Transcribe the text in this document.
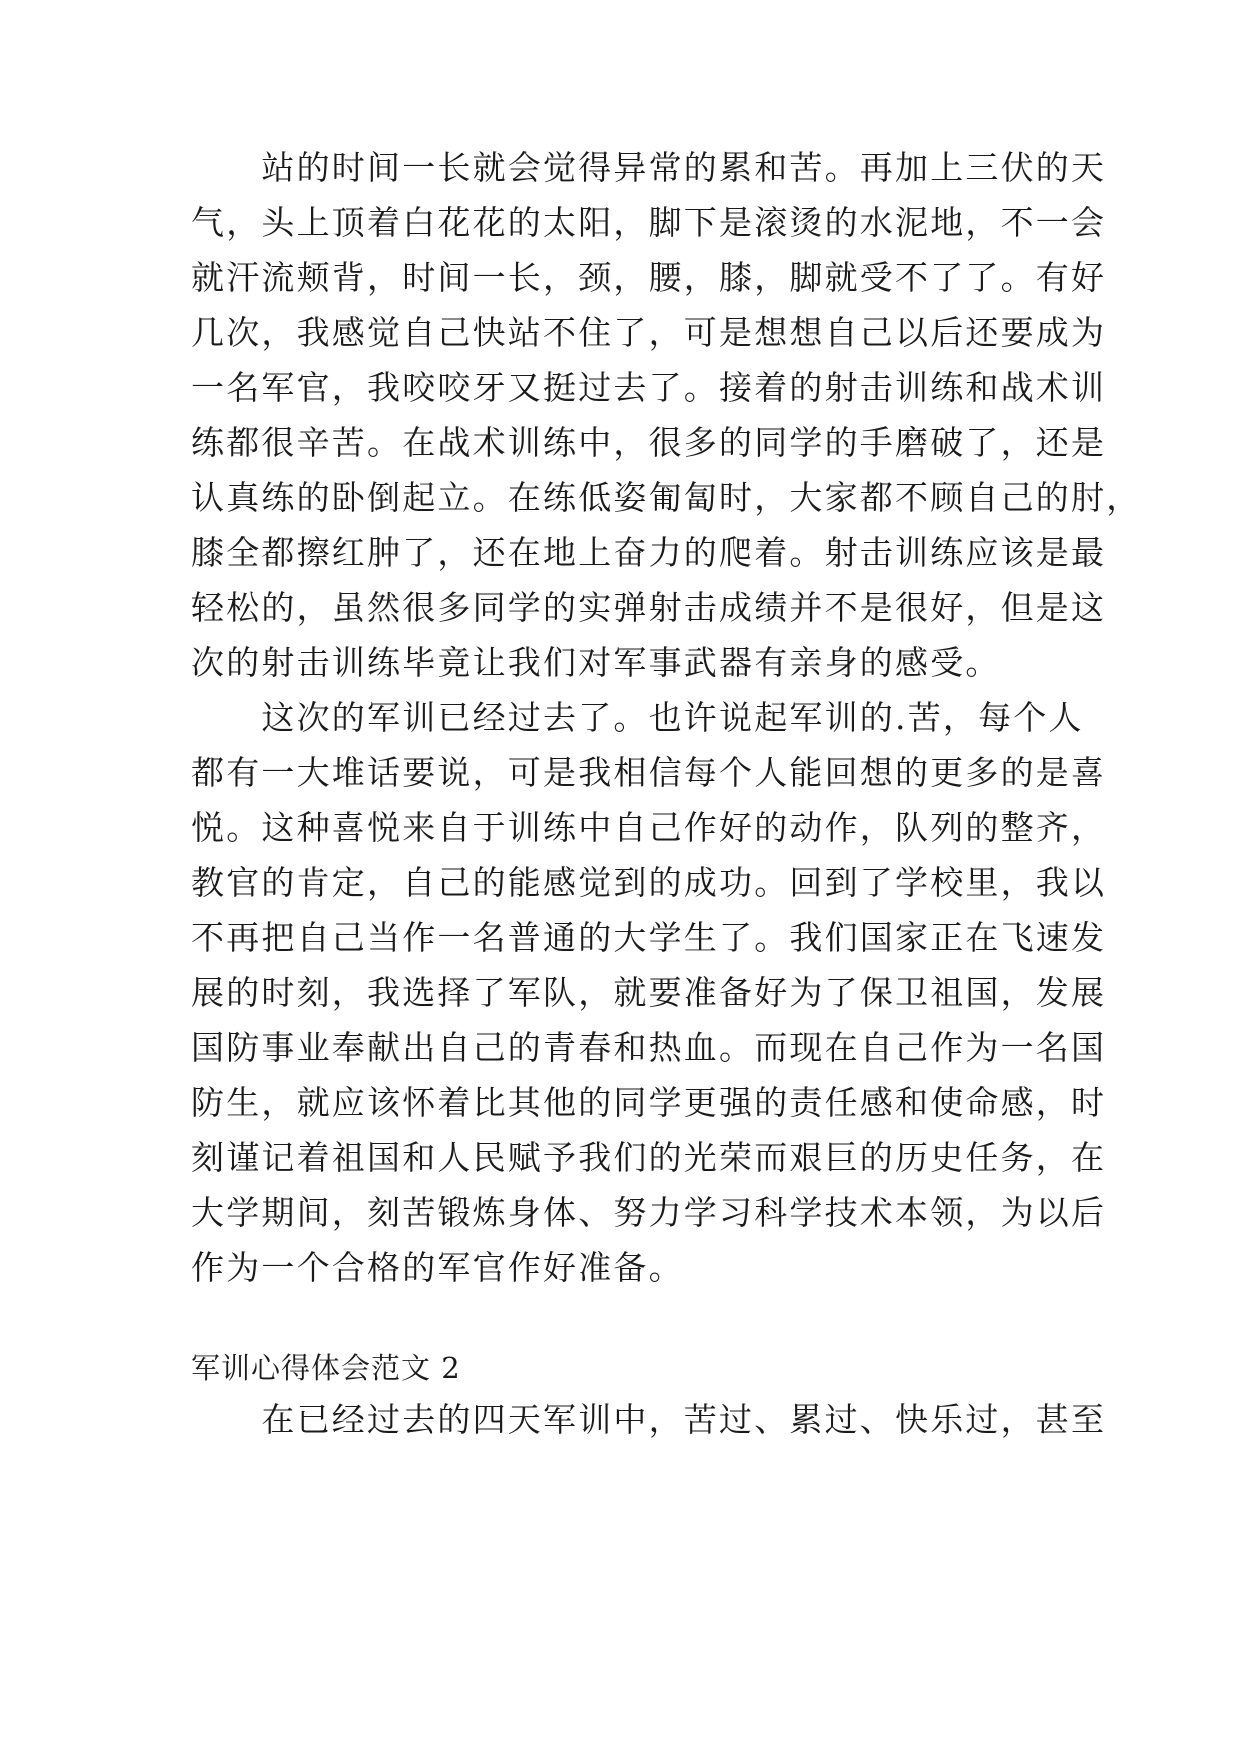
　　站的时间一长就会觉得异常的累和苦。再加上三伏的天
气，头上顶着白花花的太阳，脚下是滚烫的水泥地，不一会
就汗流颊背，时间一长，颈，腰，膝，脚就受不了了。有好
几次，我感觉自己快站不住了，可是想想自己以后还要成为
一名军官，我咬咬牙又挺过去了。接着的射击训练和战术训
练都很辛苦。在战术训练中，很多的同学的手磨破了，还是
认真练的卧倒起立。在练低姿匍匐时，大家都不顾自己的肘，
膝全都擦红肿了，还在地上奋力的爬着。射击训练应该是最
轻松的，虽然很多同学的实弹射击成绩并不是很好，但是这
次的射击训练毕竟让我们对军事武器有亲身的感受。
　　这次的军训已经过去了。也许说起军训的.苦，每个人
都有一大堆话要说，可是我相信每个人能回想的更多的是喜
悦。这种喜悦来自于训练中自己作好的动作，队列的整齐，
教官的肯定，自己的能感觉到的成功。回到了学校里，我以
不再把自己当作一名普通的大学生了。我们国家正在飞速发
展的时刻，我选择了军队，就要准备好为了保卫祖国，发展
国防事业奉献出自己的青春和热血。而现在自己作为一名国
防生，就应该怀着比其他的同学更强的责任感和使命感，时
刻谨记着祖国和人民赋予我们的光荣而艰巨的历史任务，在
大学期间，刻苦锻炼身体、努力学习科学技术本领，为以后
作为一个合格的军官作好准备。
军训心得体会范文 2
　　在已经过去的四天军训中，苦过、累过、快乐过，甚至
